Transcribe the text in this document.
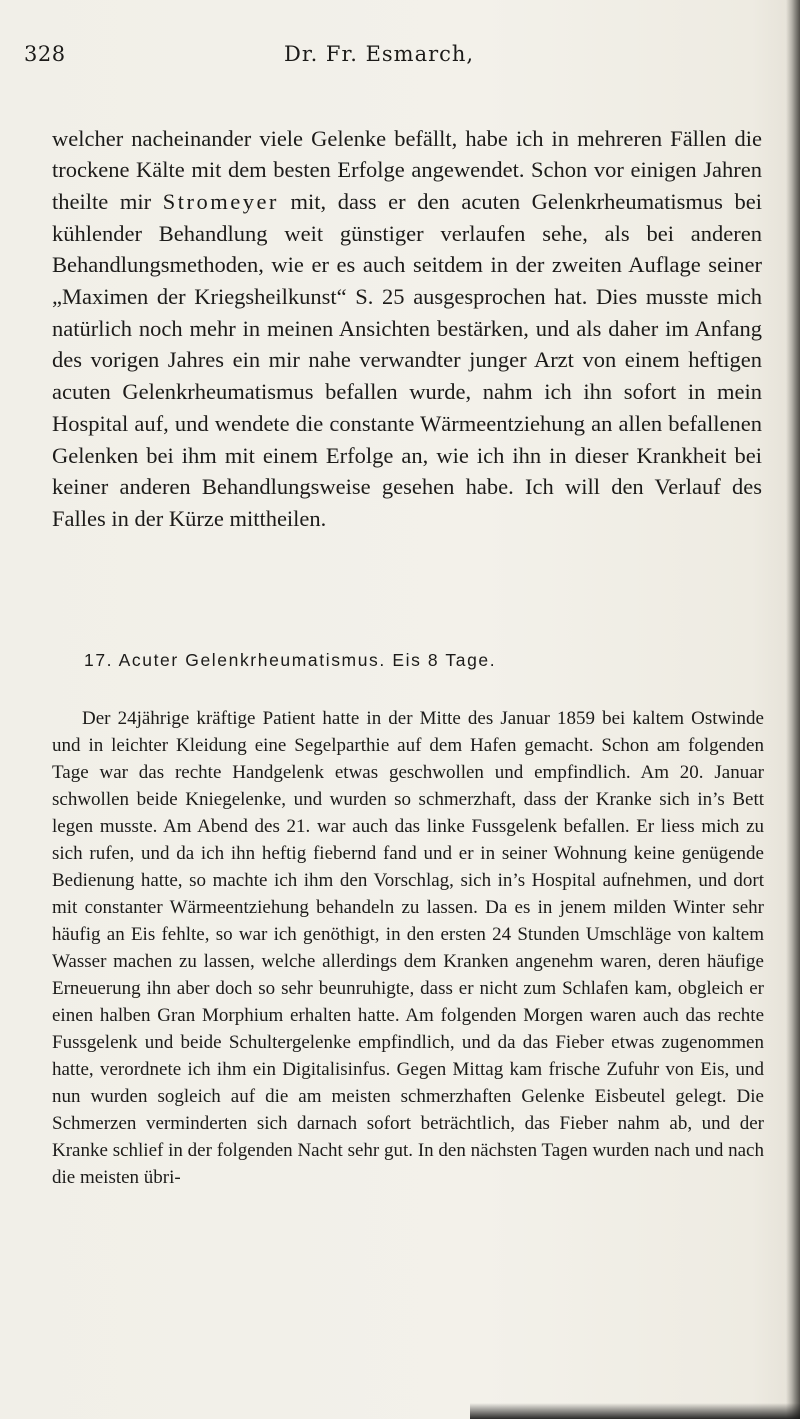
328	Dr. Fr. Esmarch,

welcher nacheinander viele Gelenke befällt, habe ich in mehreren Fällen die trockene Kälte mit dem besten Erfolge angewendet. Schon vor einigen Jahren theilte mir Stromeyer mit, dass er den acuten Gelenkrheumatismus bei kühlender Behandlung weit günstiger verlaufen sehe, als bei anderen Behandlungsmethoden, wie er es auch seitdem in der zweiten Auflage seiner „Maximen der Kriegsheilkunst“ S. 25 ausgesprochen hat. Dies musste mich natürlich noch mehr in meinen Ansichten bestärken, und als daher im Anfang des vorigen Jahres ein mir nahe verwandter junger Arzt von einem heftigen acuten Gelenkrheumatismus befallen wurde, nahm ich ihn sofort in mein Hospital auf, und wendete die constante Wärmeentziehung an allen befallenen Gelenken bei ihm mit einem Erfolge an, wie ich ihn in dieser Krankheit bei keiner anderen Behandlungsweise gesehen habe. Ich will den Verlauf des Falles in der Kürze mittheilen.

17. Acuter Gelenkrheumatismus. Eis 8 Tage.

Der 24jährige kräftige Patient hatte in der Mitte des Januar 1859 bei kaltem Ostwinde und in leichter Kleidung eine Segelparthie auf dem Hafen gemacht. Schon am folgenden Tage war das rechte Handgelenk etwas geschwollen und empfindlich. Am 20. Januar schwollen beide Kniegelenke, und wurden so schmerzhaft, dass der Kranke sich in’s Bett legen musste. Am Abend des 21. war auch das linke Fussgelenk befallen. Er liess mich zu sich rufen, und da ich ihn heftig fiebernd fand und er in seiner Wohnung keine genügende Bedienung hatte, so machte ich ihm den Vorschlag, sich in’s Hospital aufnehmen, und dort mit constanter Wärmeentziehung behandeln zu lassen. Da es in jenem milden Winter sehr häufig an Eis fehlte, so war ich genöthigt, in den ersten 24 Stunden Umschläge von kaltem Wasser machen zu lassen, welche allerdings dem Kranken angenehm waren, deren häufige Erneuerung ihn aber doch so sehr beunruhigte, dass er nicht zum Schlafen kam, obgleich er einen halben Gran Morphium erhalten hatte. Am folgenden Morgen waren auch das rechte Fussgelenk und beide Schultergelenke empfindlich, und da das Fieber etwas zugenommen hatte, verordnete ich ihm ein Digitalisinfus. Gegen Mittag kam frische Zufuhr von Eis, und nun wurden sogleich auf die am meisten schmerzhaften Gelenke Eisbeutel gelegt. Die Schmerzen verminderten sich darnach sofort beträchtlich, das Fieber nahm ab, und der Kranke schlief in der folgenden Nacht sehr gut. In den nächsten Tagen wurden nach und nach die meisten übri-
